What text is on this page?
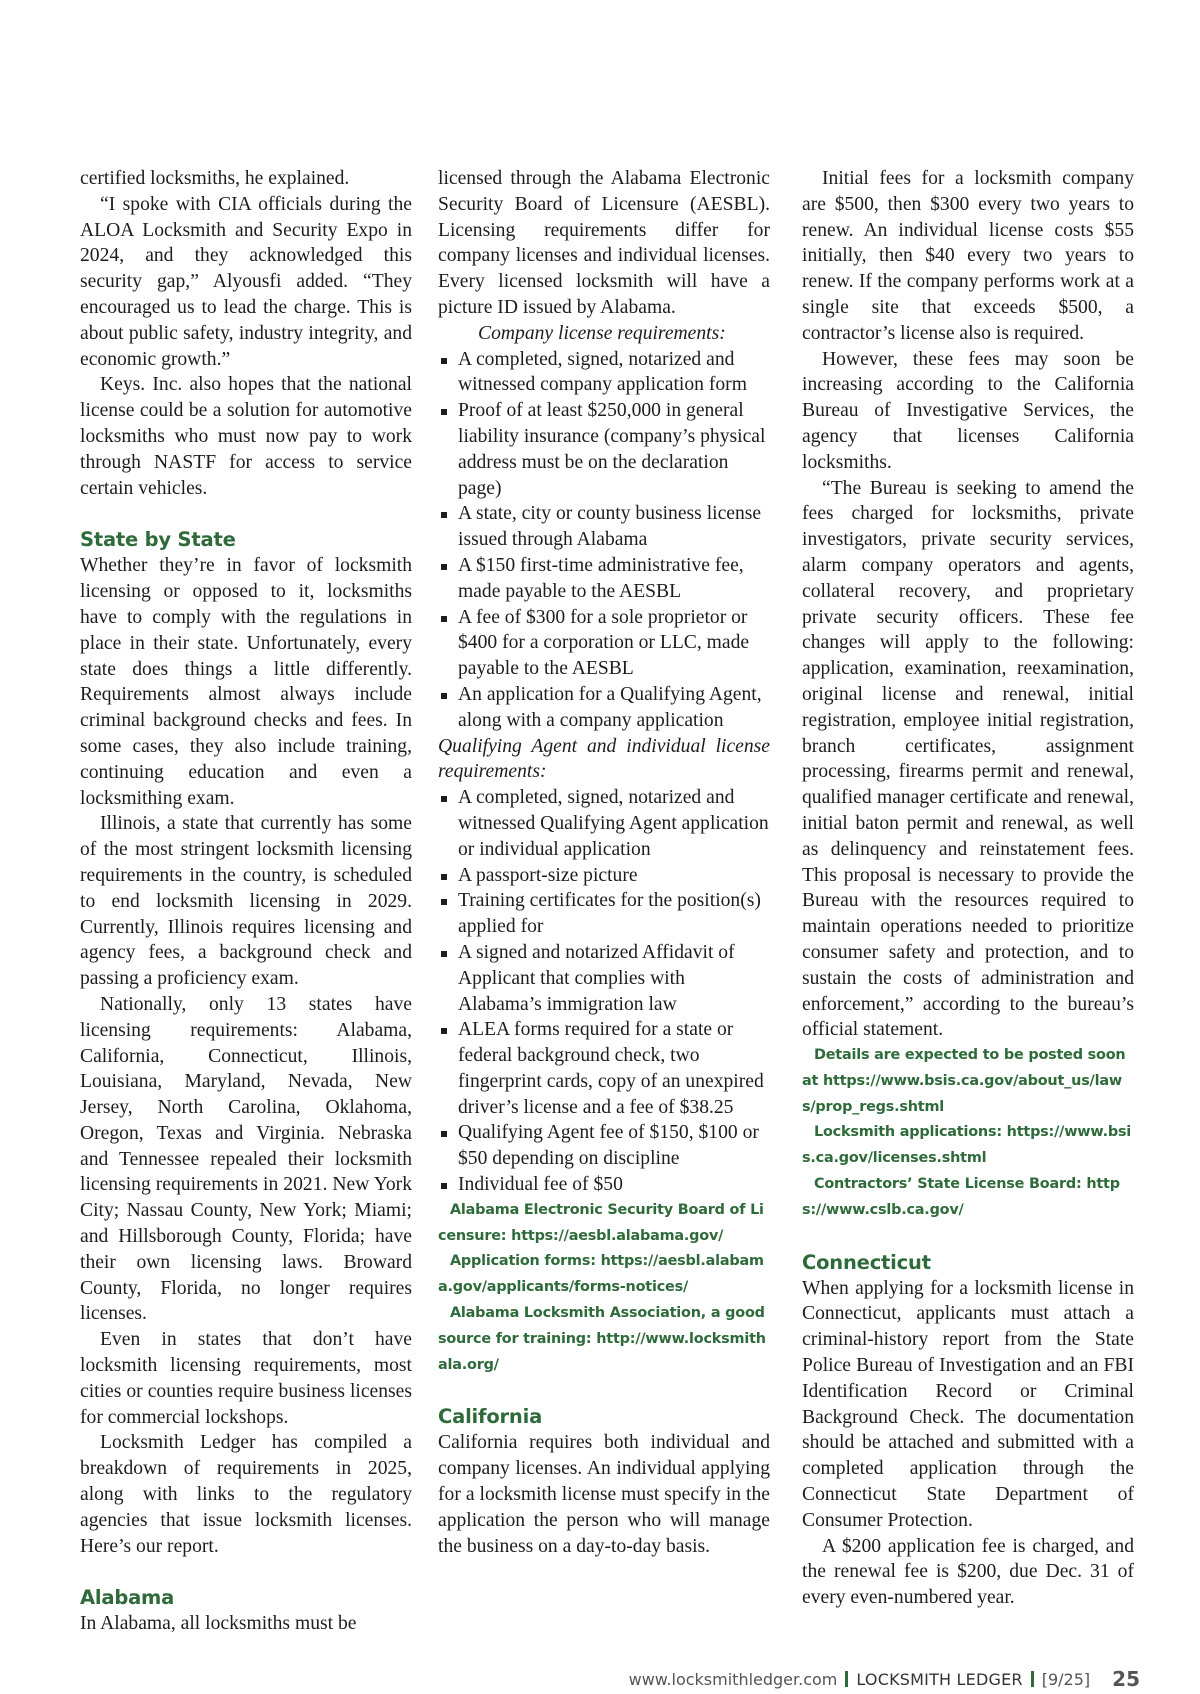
certified locksmiths, he explained.

“I spoke with CIA officials during the ALOA Locksmith and Security Expo in 2024, and they acknowledged this security gap,” Alyousfi added. “They encouraged us to lead the charge. This is about public safety, industry integrity, and economic growth.”

Keys. Inc. also hopes that the national license could be a solution for automotive locksmiths who must now pay to work through NASTF for access to service certain vehicles.

State by State

Whether they’re in favor of locksmith licensing or opposed to it, locksmiths have to comply with the regulations in place in their state. Unfortunately, every state does things a little differently. Requirements almost always include criminal background checks and fees. In some cases, they also include training, continuing education and even a locksmithing exam.

Illinois, a state that currently has some of the most stringent locksmith licensing requirements in the country, is scheduled to end locksmith licensing in 2029. Currently, Illinois requires licensing and agency fees, a background check and passing a proficiency exam.

Nationally, only 13 states have licensing requirements: Alabama, California, Connecticut, Illinois, Louisiana, Maryland, Nevada, New Jersey, North Carolina, Oklahoma, Oregon, Texas and Virginia. Nebraska and Tennessee repealed their locksmith licensing requirements in 2021. New York City; Nassau County, New York; Miami; and Hillsborough County, Florida; have their own licensing laws. Broward County, Florida, no longer requires licenses.

Even in states that don’t have locksmith licensing requirements, most cities or counties require business licenses for commercial lockshops.

Locksmith Ledger has compiled a breakdown of requirements in 2025, along with links to the regulatory agencies that issue locksmith licenses. Here’s our report.

Alabama

In Alabama, all locksmiths must be

licensed through the Alabama Electronic Security Board of Licensure (AESBL). Licensing requirements differ for company licenses and individual licenses. Every licensed locksmith will have a picture ID issued by Alabama.

Company license requirements:

A completed, signed, notarized and witnessed company application form
Proof of at least $250,000 in general liability insurance (company’s physical address must be on the declaration page)
A state, city or county business license issued through Alabama
A $150 first-time administrative fee, made payable to the AESBL
A fee of $300 for a sole proprietor or $400 for a corporation or LLC, made payable to the AESBL
An application for a Qualifying Agent, along with a company application

Qualifying Agent and individual license requirements:

A completed, signed, notarized and witnessed Qualifying Agent application or individual application
A passport-size picture
Training certificates for the position(s) applied for
A signed and notarized Affidavit of Applicant that complies with Alabama’s immigration law
ALEA forms required for a state or federal background check, two fingerprint cards, copy of an unexpired driver’s license and a fee of $38.25
Qualifying Agent fee of $150, $100 or $50 depending on discipline
Individual fee of $50

Alabama Electronic Security Board of Licensure: https://aesbl.alabama.gov/

Application forms: https://aesbl.alabama.gov/applicants/forms-notices/

Alabama Locksmith Association, a good source for training: http://www.locksmithala.org/

California

California requires both individual and company licenses. An individual applying for a locksmith license must specify in the application the person who will manage the business on a day-to-day basis.

Initial fees for a locksmith company are $500, then $300 every two years to renew. An individual license costs $55 initially, then $40 every two years to renew. If the company performs work at a single site that exceeds $500, a contractor’s license also is required.

However, these fees may soon be increasing according to the California Bureau of Investigative Services, the agency that licenses California locksmiths.

“The Bureau is seeking to amend the fees charged for locksmiths, private investigators, private security services, alarm company operators and agents, collateral recovery, and proprietary private security officers. These fee changes will apply to the following: application, examination, reexamination, original license and renewal, initial registration, employee initial registration, branch certificates, assignment processing, firearms permit and renewal, qualified manager certificate and renewal, initial baton permit and renewal, as well as delinquency and reinstatement fees. This proposal is necessary to provide the Bureau with the resources required to maintain operations needed to prioritize consumer safety and protection, and to sustain the costs of administration and enforcement,” according to the bureau’s official statement.

Details are expected to be posted soon at https://www.bsis.ca.gov/about_us/laws/prop_regs.shtml

Locksmith applications: https://www.bsis.ca.gov/licenses.shtml

Contractors’ State License Board: https://www.cslb.ca.gov/

Connecticut

When applying for a locksmith license in Connecticut, applicants must attach a criminal-history report from the State Police Bureau of Investigation and an FBI Identification Record or Criminal Background Check. The documentation should be attached and submitted with a completed application through the Connecticut State Department of Consumer Protection.

A $200 application fee is charged, and the renewal fee is $200, due Dec. 31 of every even-numbered year.

www.locksmithledger.com LOCKSMITH LEDGER [9/25] 25
